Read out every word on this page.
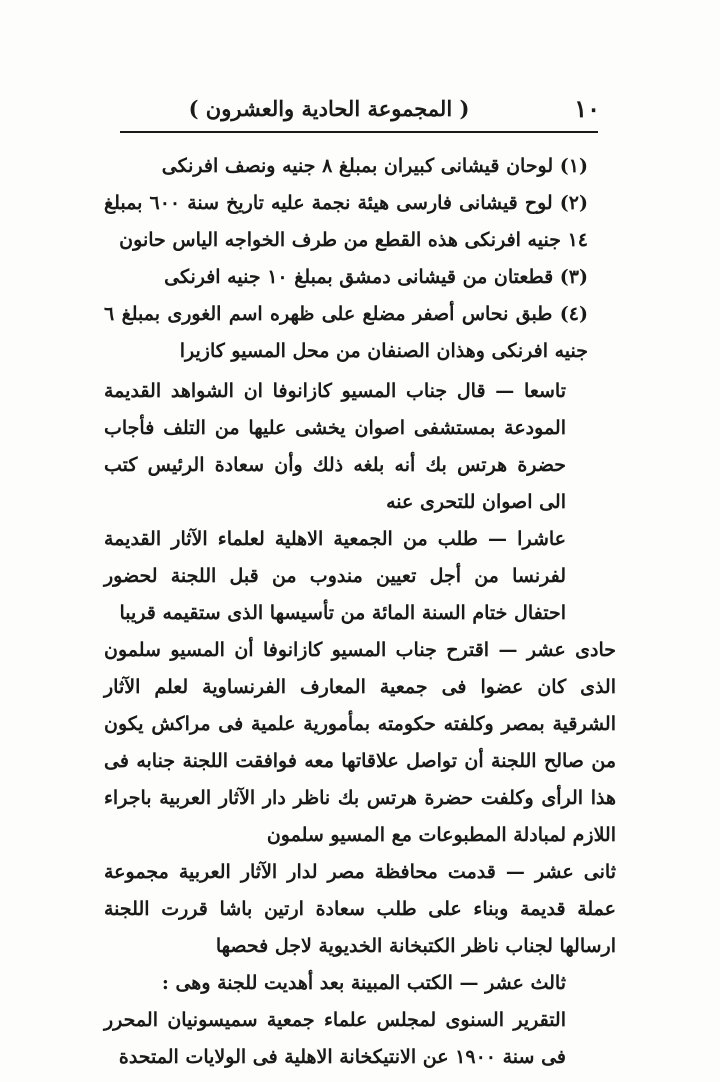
١٠
( المجموعة الحادية والعشرون )

(١) لوحان قيشانى كبيران بمبلغ ٨ جنيه ونصف افرنكى

(٢) لوح قيشانى فارسى هيئة نجمة عليه تاريخ سنة ٦٠٠ بمبلغ ١٤ جنيه افرنكى هذه القطع من طرف الخواجه الياس حانون

(٣) قطعتان من قيشانى دمشق بمبلغ ١٠ جنيه افرنكى

(٤) طبق نحاس أصفر مضلع على ظهره اسم الغورى بمبلغ ٦ جنيه افرنكى وهذان الصنفان من محل المسيو كازيرا

تاسعا — قال جناب المسيو كازانوفا ان الشواهد القديمة المودعة بمستشفى اصوان يخشى عليها من التلف فأجاب حضرة هرتس بك أنه بلغه ذلك وأن سعادة الرئيس كتب الى اصوان للتحرى عنه

عاشرا — طلب من الجمعية الاهلية لعلماء الآثار القديمة لفرنسا من أجل تعيين مندوب من قبل اللجنة لحضور احتفال ختام السنة المائة من تأسيسها الذى ستقيمه قريبا

حادى عشر — اقترح جناب المسيو كازانوفا أن المسيو سلمون الذى كان عضوا فى جمعية المعارف الفرنساوية لعلم الآثار الشرقية بمصر وكلفته حكومته بمأمورية علمية فى مراكش يكون من صالح اللجنة أن تواصل علاقاتها معه فوافقت اللجنة جنابه فى هذا الرأى وكلفت حضرة هرتس بك ناظر دار الآثار العربية باجراء اللازم لمبادلة المطبوعات مع المسيو سلمون

ثانى عشر — قدمت محافظة مصر لدار الآثار العربية مجموعة عملة قديمة وبناء على طلب سعادة ارتين باشا قررت اللجنة ارسالها لجناب ناظر الكتبخانة الخديوية لاجل فحصها

ثالث عشر — الكتب المبينة بعد أهديت للجنة وهى :

التقرير السنوى لمجلس علماء جمعية سميسونيان المحرر فى سنة ١٩٠٠ عن الانتيكخانة الاهلية فى الولايات المتحدة
